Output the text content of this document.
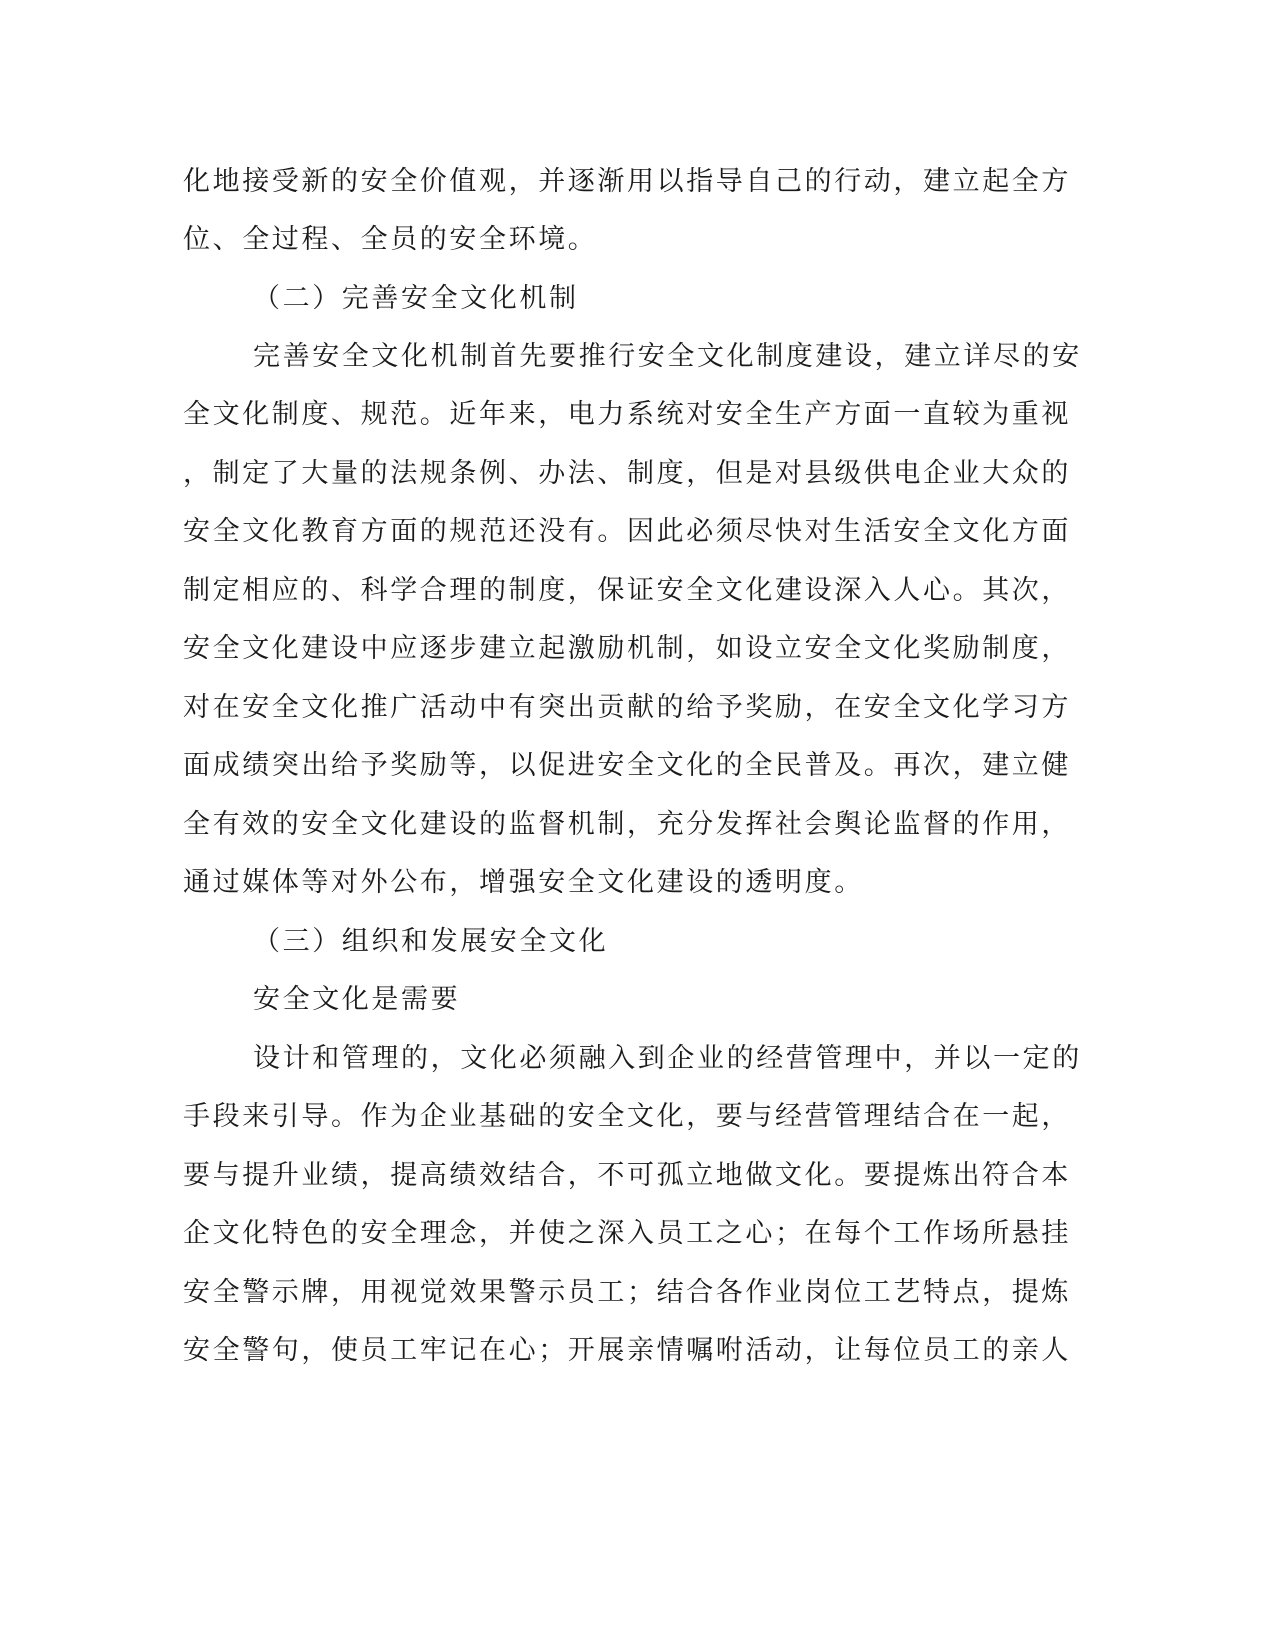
化地接受新的安全价值观，并逐渐用以指导自己的行动，建立起全方
位、全过程、全员的安全环境。
（二）完善安全文化机制
完善安全文化机制首先要推行安全文化制度建设，建立详尽的安
全文化制度、规范。近年来，电力系统对安全生产方面一直较为重视
，制定了大量的法规条例、办法、制度，但是对县级供电企业大众的
安全文化教育方面的规范还没有。因此必须尽快对生活安全文化方面
制定相应的、科学合理的制度，保证安全文化建设深入人心。其次，
安全文化建设中应逐步建立起激励机制，如设立安全文化奖励制度，
对在安全文化推广活动中有突出贡献的给予奖励，在安全文化学习方
面成绩突出给予奖励等，以促进安全文化的全民普及。再次，建立健
全有效的安全文化建设的监督机制，充分发挥社会舆论监督的作用，
通过媒体等对外公布，增强安全文化建设的透明度。
（三）组织和发展安全文化
安全文化是需要
设计和管理的，文化必须融入到企业的经营管理中，并以一定的
手段来引导。作为企业基础的安全文化，要与经营管理结合在一起，
要与提升业绩，提高绩效结合，不可孤立地做文化。要提炼出符合本
企文化特色的安全理念，并使之深入员工之心；在每个工作场所悬挂
安全警示牌，用视觉效果警示员工；结合各作业岗位工艺特点，提炼
安全警句，使员工牢记在心；开展亲情嘱咐活动，让每位员工的亲人
